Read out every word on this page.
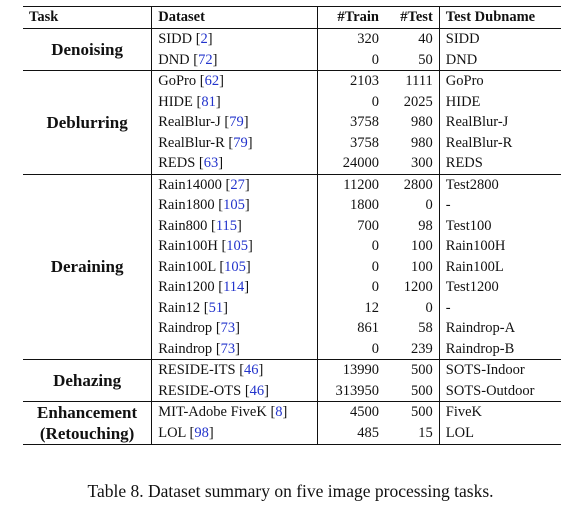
Task	Dataset	#Train	#Test	Test Dubname

Denoising	SIDD [2]	320	40	SIDD
	DND [72]	0	50	DND

Deblurring	GoPro [62]	2103	1111	GoPro
	HIDE [81]	0	2025	HIDE
	RealBlur-J [79]	3758	980	RealBlur-J
	RealBlur-R [79]	3758	980	RealBlur-R
	REDS [63]	24000	300	REDS

Deraining	Rain14000 [27]	11200	2800	Test2800
	Rain1800 [105]	1800	0	-
	Rain800 [115]	700	98	Test100
	Rain100H [105]	0	100	Rain100H
	Rain100L [105]	0	100	Rain100L
	Rain1200 [114]	0	1200	Test1200
	Rain12 [51]	12	0	-
	Raindrop [73]	861	58	Raindrop-A
	Raindrop [73]	0	239	Raindrop-B

Dehazing	RESIDE-ITS [46]	13990	500	SOTS-Indoor
	RESIDE-OTS [46]	313950	500	SOTS-Outdoor

Enhancement
(Retouching)	MIT-Adobe FiveK [8]	4500	500	FiveK
	LOL [98]	485	15	LOL
Table 8. Dataset summary on five image processing tasks.
